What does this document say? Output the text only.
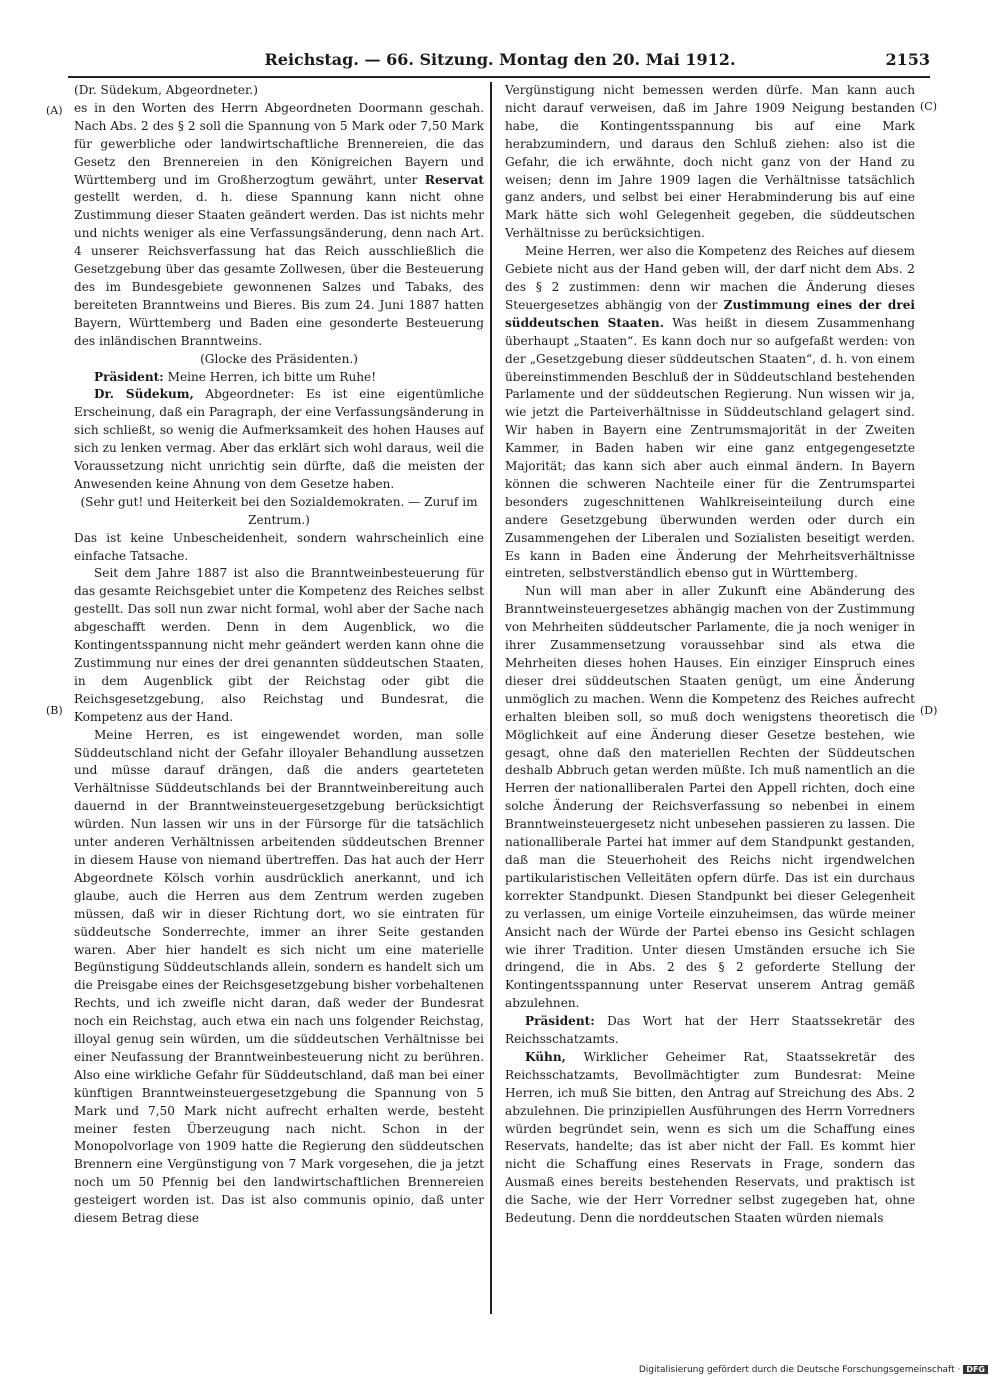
Reichstag. — 66. Sitzung. Montag den 20. Mai 1912.	2153
(A)
(B)
(C)
(D)

(Dr. Südekum, Abgeordneter.)

es in den Worten des Herrn Abgeordneten Doormann geschah. Nach Abs. 2 des § 2 soll die Spannung von 5 Mark oder 7,50 Mark für gewerbliche oder landwirtschaftliche Brennereien, die das Gesetz den Brennereien in den Königreichen Bayern und Württemberg und im Großherzogtum gewährt, unter Reservat gestellt werden, d. h. diese Spannung kann nicht ohne Zustimmung dieser Staaten geändert werden. Das ist nichts mehr und nichts weniger als eine Verfassungsänderung, denn nach Art. 4 unserer Reichsverfassung hat das Reich ausschließlich die Gesetzgebung über das gesamte Zollwesen, über die Besteuerung des im Bundesgebiete gewonnenen Salzes und Tabaks, des bereiteten Branntweins und Bieres. Bis zum 24. Juni 1887 hatten Bayern, Württemberg und Baden eine gesonderte Besteuerung des inländischen Branntweins.

(Glocke des Präsidenten.)

Präsident: Meine Herren, ich bitte um Ruhe!

Dr. Südekum, Abgeordneter: Es ist eine eigentümliche Erscheinung, daß ein Paragraph, der eine Verfassungsänderung in sich schließt, so wenig die Aufmerksamkeit des hohen Hauses auf sich zu lenken vermag. Aber das erklärt sich wohl daraus, weil die Voraussetzung nicht unrichtig sein dürfte, daß die meisten der Anwesenden keine Ahnung von dem Gesetze haben.

(Sehr gut! und Heiterkeit bei den Sozialdemokraten. — Zuruf im Zentrum.)

Das ist keine Unbescheidenheit, sondern wahrscheinlich eine einfache Tatsache.

Seit dem Jahre 1887 ist also die Branntweinbesteuerung für das gesamte Reichsgebiet unter die Kompetenz des Reiches selbst gestellt. Das soll nun zwar nicht formal, wohl aber der Sache nach abgeschafft werden. Denn in dem Augenblick, wo die Kontingentsspannung nicht mehr geändert werden kann ohne die Zustimmung nur eines der drei genannten süddeutschen Staaten, in dem Augenblick gibt der Reichstag oder gibt die Reichsgesetzgebung, also Reichstag und Bundesrat, die Kompetenz aus der Hand.

Meine Herren, es ist eingewendet worden, man solle Süddeutschland nicht der Gefahr illoyaler Behandlung aussetzen und müsse darauf drängen, daß die anders gearteteten Verhältnisse Süddeutschlands bei der Branntweinbereitung auch dauernd in der Branntweinsteuergesetzgebung berücksichtigt würden. Nun lassen wir uns in der Fürsorge für die tatsächlich unter anderen Verhältnissen arbeitenden süddeutschen Brenner in diesem Hause von niemand übertreffen. Das hat auch der Herr Abgeordnete Kölsch vorhin ausdrücklich anerkannt, und ich glaube, auch die Herren aus dem Zentrum werden zugeben müssen, daß wir in dieser Richtung dort, wo sie eintraten für süddeutsche Sonderrechte, immer an ihrer Seite gestanden waren. Aber hier handelt es sich nicht um eine materielle Begünstigung Süddeutschlands allein, sondern es handelt sich um die Preisgabe eines der Reichsgesetzgebung bisher vorbehaltenen Rechts, und ich zweifle nicht daran, daß weder der Bundesrat noch ein Reichstag, auch etwa ein nach uns folgender Reichstag, illoyal genug sein würden, um die süddeutschen Verhältnisse bei einer Neufassung der Branntweinbesteuerung nicht zu berühren. Also eine wirkliche Gefahr für Süddeutschland, daß man bei einer künftigen Branntweinsteuergesetzgebung die Spannung von 5 Mark und 7,50 Mark nicht aufrecht erhalten werde, besteht meiner festen Überzeugung nach nicht. Schon in der Monopolvorlage von 1909 hatte die Regierung den süddeutschen Brennern eine Vergünstigung von 7 Mark vorgesehen, die ja jetzt noch um 50 Pfennig bei den landwirtschaftlichen Brennereien gesteigert worden ist. Das ist also communis opinio, daß unter diesem Betrag diese

Vergünstigung nicht bemessen werden dürfe. Man kann auch nicht darauf verweisen, daß im Jahre 1909 Neigung bestanden habe, die Kontingentsspannung bis auf eine Mark herabzumindern, und daraus den Schluß ziehen: also ist die Gefahr, die ich erwähnte, doch nicht ganz von der Hand zu weisen; denn im Jahre 1909 lagen die Verhältnisse tatsächlich ganz anders, und selbst bei einer Herabminderung bis auf eine Mark hätte sich wohl Gelegenheit gegeben, die süddeutschen Verhältnisse zu berücksichtigen.

Meine Herren, wer also die Kompetenz des Reiches auf diesem Gebiete nicht aus der Hand geben will, der darf nicht dem Abs. 2 des § 2 zustimmen: denn wir machen die Änderung dieses Steuergesetzes abhängig von der Zustimmung eines der drei süddeutschen Staaten. Was heißt in diesem Zusammenhang überhaupt „Staaten“. Es kann doch nur so aufgefaßt werden: von der „Gesetzgebung dieser süddeutschen Staaten“, d. h. von einem übereinstimmenden Beschluß der in Süddeutschland bestehenden Parlamente und der süddeutschen Regierung. Nun wissen wir ja, wie jetzt die Parteiverhältnisse in Süddeutschland gelagert sind. Wir haben in Bayern eine Zentrumsmajorität in der Zweiten Kammer, in Baden haben wir eine ganz entgegengesetzte Majorität; das kann sich aber auch einmal ändern. In Bayern können die schweren Nachteile einer für die Zentrumspartei besonders zugeschnittenen Wahlkreiseinteilung durch eine andere Gesetzgebung überwunden werden oder durch ein Zusammengehen der Liberalen und Sozialisten beseitigt werden. Es kann in Baden eine Änderung der Mehrheitsverhältnisse eintreten, selbstverständlich ebenso gut in Württemberg.

Nun will man aber in aller Zukunft eine Abänderung des Branntweinsteuergesetzes abhängig machen von der Zustimmung von Mehrheiten süddeutscher Parlamente, die ja noch weniger in ihrer Zusammensetzung voraussehbar sind als etwa die Mehrheiten dieses hohen Hauses. Ein einziger Einspruch eines dieser drei süddeutschen Staaten genügt, um eine Änderung unmöglich zu machen. Wenn die Kompetenz des Reiches aufrecht erhalten bleiben soll, so muß doch wenigstens theoretisch die Möglichkeit auf eine Änderung dieser Gesetze bestehen, wie gesagt, ohne daß den materiellen Rechten der Süddeutschen deshalb Abbruch getan werden müßte. Ich muß namentlich an die Herren der nationalliberalen Partei den Appell richten, doch eine solche Änderung der Reichsverfassung so nebenbei in einem Branntweinsteuergesetz nicht unbesehen passieren zu lassen. Die nationalliberale Partei hat immer auf dem Standpunkt gestanden, daß man die Steuerhoheit des Reichs nicht irgendwelchen partikularistischen Velleitäten opfern dürfe. Das ist ein durchaus korrekter Standpunkt. Diesen Standpunkt bei dieser Gelegenheit zu verlassen, um einige Vorteile einzuheimsen, das würde meiner Ansicht nach der Würde der Partei ebenso ins Gesicht schlagen wie ihrer Tradition. Unter diesen Umständen ersuche ich Sie dringend, die in Abs. 2 des § 2 geforderte Stellung der Kontingentsspannung unter Reservat unserem Antrag gemäß abzulehnen.

Präsident: Das Wort hat der Herr Staatssekretär des Reichsschatzamts.

Kühn, Wirklicher Geheimer Rat, Staatssekretär des Reichsschatzamts, Bevollmächtigter zum Bundesrat: Meine Herren, ich muß Sie bitten, den Antrag auf Streichung des Abs. 2 abzulehnen. Die prinzipiellen Ausführungen des Herrn Vorredners würden begründet sein, wenn es sich um die Schaffung eines Reservats, handelte; das ist aber nicht der Fall. Es kommt hier nicht die Schaffung eines Reservats in Frage, sondern das Ausmaß eines bereits bestehenden Reservats, und praktisch ist die Sache, wie der Herr Vorredner selbst zugegeben hat, ohne Bedeutung. Denn die norddeutschen Staaten würden niemals

Digitalisierung gefördert durch die Deutsche Forschungsgemeinschaft · DFG
